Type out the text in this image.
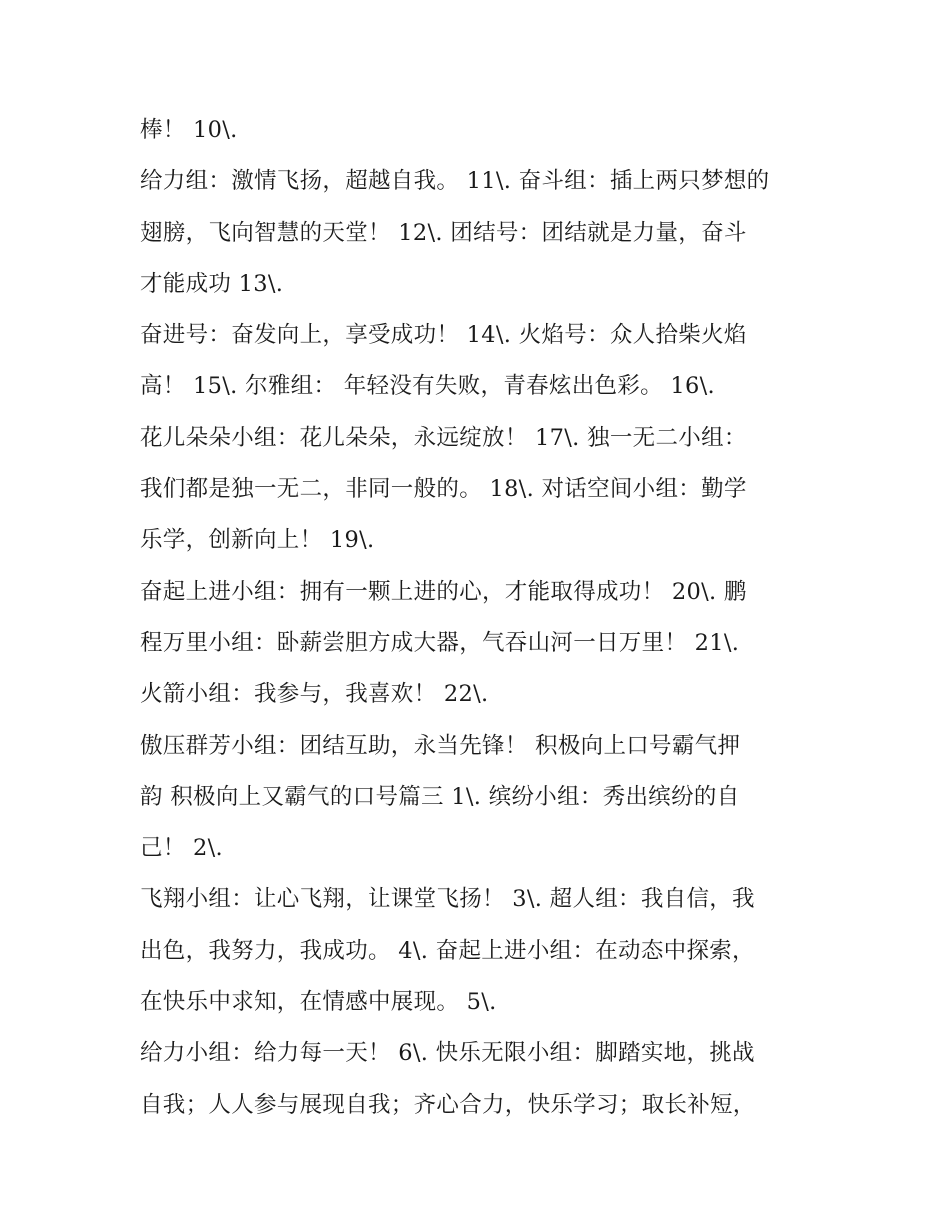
棒！ 10\.
给力组：激情飞扬，超越自我。 11\. 奋斗组：插上两只梦想的
翅膀，飞向智慧的天堂！ 12\. 团结号：团结就是力量，奋斗
才能成功 13\.
奋进号：奋发向上，享受成功！ 14\. 火焰号：众人拾柴火焰
高！ 15\. 尔雅组： 年轻没有失败，青春炫出色彩。 16\.
花儿朵朵小组：花儿朵朵，永远绽放！ 17\. 独一无二小组：
我们都是独一无二，非同一般的。 18\. 对话空间小组：勤学
乐学，创新向上！ 19\.
奋起上进小组：拥有一颗上进的心，才能取得成功！ 20\. 鹏
程万里小组：卧薪尝胆方成大器，气吞山河一日万里！ 21\.
火箭小组：我参与，我喜欢！ 22\.
傲压群芳小组：团结互助，永当先锋！ 积极向上口号霸气押
韵 积极向上又霸气的口号篇三 1\. 缤纷小组：秀出缤纷的自
己！ 2\.
飞翔小组：让心飞翔，让课堂飞扬！ 3\. 超人组：我自信，我
出色，我努力，我成功。 4\. 奋起上进小组：在动态中探索，
在快乐中求知，在情感中展现。 5\.
给力小组：给力每一天！ 6\. 快乐无限小组：脚踏实地，挑战
自我；人人参与展现自我；齐心合力，快乐学习；取长补短，
